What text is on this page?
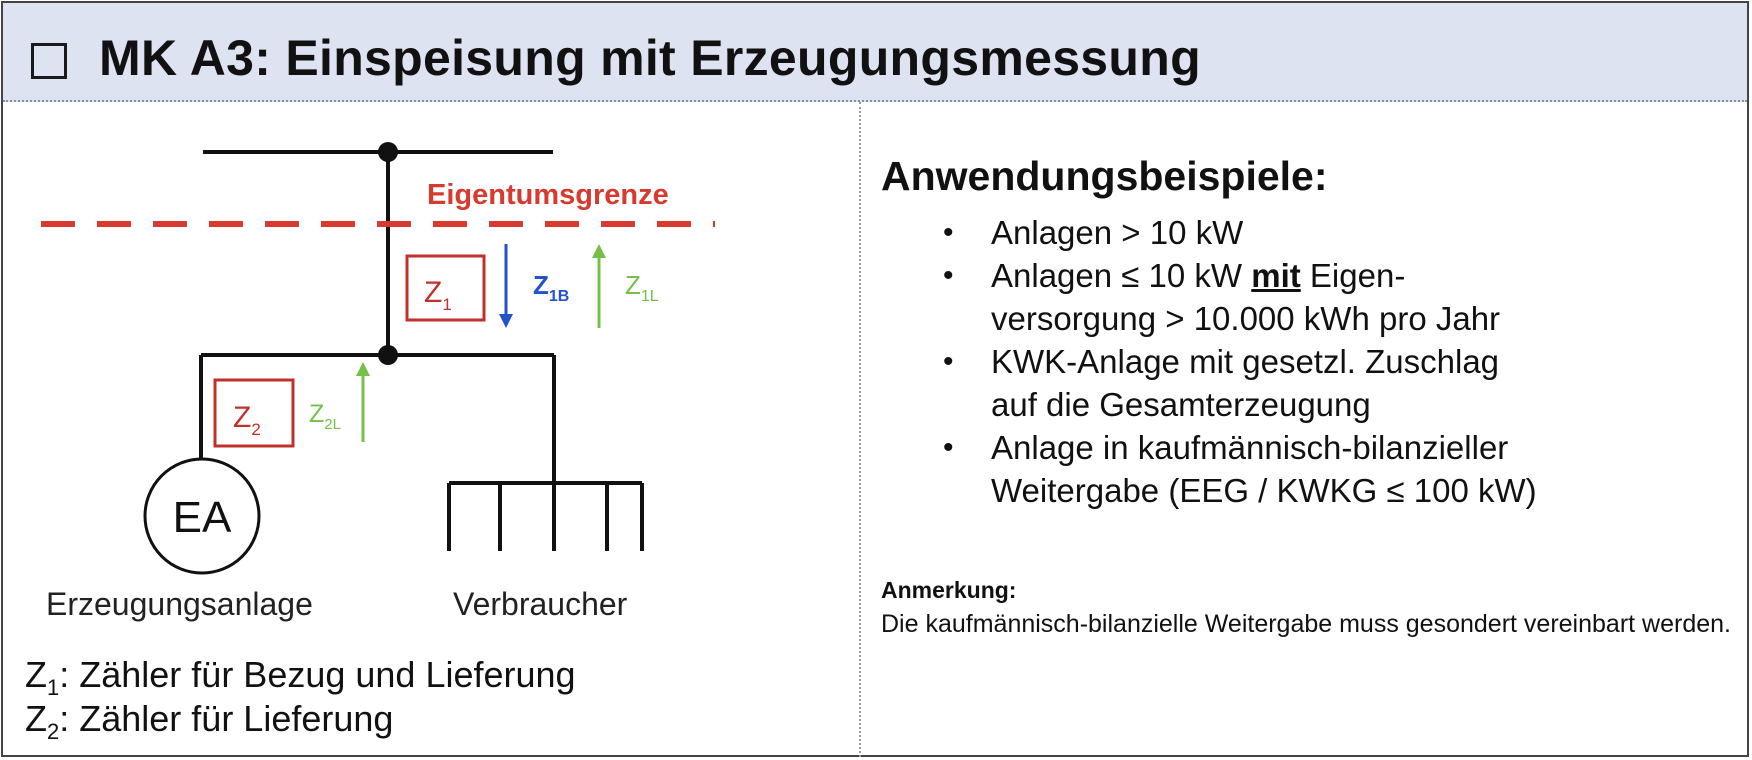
MK A3: Einspeisung mit Erzeugungsmessung
Eigentumsgrenze
$Z_1$
$Z_{1B}$ $Z_{1L}$
$Z_2$
$Z_{2L}$
EA
Erzeugungsanlage	Verbraucher
$Z_1$: Zähler für Bezug und Lieferung
$Z_2$: Zähler für Lieferung
Anwendungsbeispiele:
• Anlagen > 10 kW
• Anlagen ≤ 10 kW mit Eigen-
versorgung > 10.000 kWh pro Jahr
• KWK-Anlage mit gesetzl. Zuschlag
auf die Gesamterzeugung
• Anlage in kaufmännisch-bilanzieller
Weitergabe (EEG / KWKG ≤ 100 kW)
Anmerkung:
Die kaufmännisch-bilanzielle Weitergabe muss gesondert vereinbart werden.
